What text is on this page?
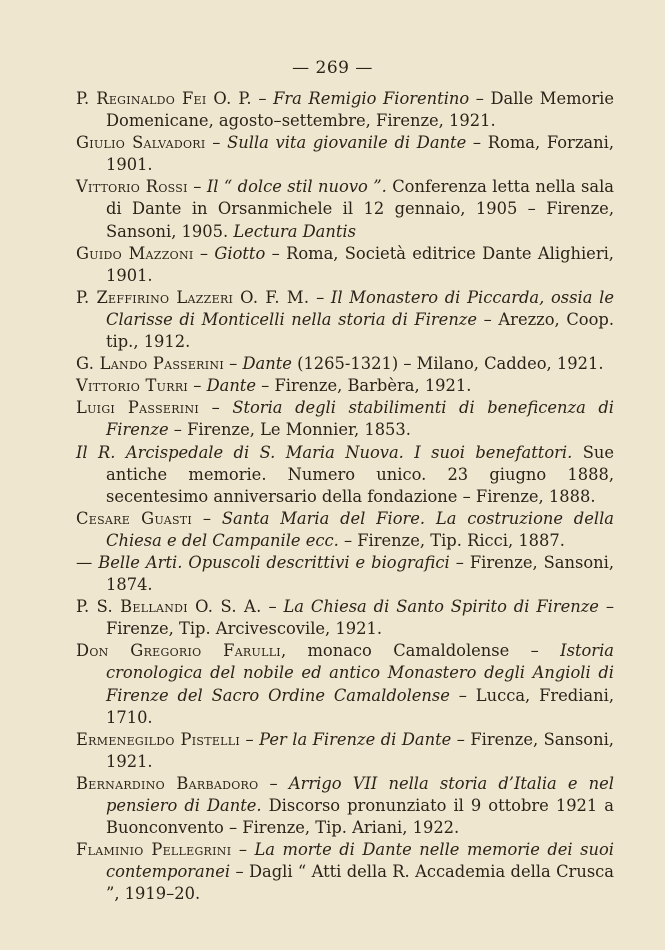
— 269 —

P. Reginaldo Fei O. P. – Fra Remigio Fiorentino – Dalle Memorie Domenicane, agosto–settembre, Firenze, 1921.

Giulio Salvadori – Sulla vita giovanile di Dante – Roma, Forzani, 1901.

Vittorio Rossi – Il “ dolce stil nuovo ”. Conferenza letta nella sala di Dante in Orsanmichele il 12 gennaio, 1905 – Firenze, Sansoni, 1905. Lectura Dantis

Guido Mazzoni – Giotto – Roma, Società editrice Dante Alighieri, 1901.

P. Zeffirino Lazzeri O. F. M. – Il Monastero di Piccarda, ossia le Clarisse di Monticelli nella storia di Firenze – Arezzo, Coop. tip., 1912.

G. Lando Passerini – Dante (1265-1321) – Milano, Caddeo, 1921.

Vittorio Turri – Dante – Firenze, Barbèra, 1921.

Luigi Passerini – Storia degli stabilimenti di beneficenza di Firenze – Firenze, Le Monnier, 1853.

Il R. Arcispedale di S. Maria Nuova. I suoi benefattori. Sue antiche memorie. Numero unico. 23 giugno 1888, secentesimo anniversario della fondazione – Firenze, 1888.

Cesare Guasti – Santa Maria del Fiore. La costruzione della Chiesa e del Campanile ecc. – Firenze, Tip. Ricci, 1887.

— Belle Arti. Opuscoli descrittivi e biografici – Firenze, Sansoni, 1874.

P. S. Bellandi O. S. A. – La Chiesa di Santo Spirito di Firenze – Firenze, Tip. Arcivescovile, 1921.

Don Gregorio Farulli, monaco Camaldolense – Istoria cronologica del nobile ed antico Monastero degli Angioli di Firenze del Sacro Ordine Camaldolense – Lucca, Frediani, 1710.

Ermenegildo Pistelli – Per la Firenze di Dante – Firenze, Sansoni, 1921.

Bernardino Barbadoro – Arrigo VII nella storia d’Italia e nel pensiero di Dante. Discorso pronunziato il 9 ottobre 1921 a Buonconvento – Firenze, Tip. Ariani, 1922.

Flaminio Pellegrini – La morte di Dante nelle memorie dei suoi contemporanei – Dagli “ Atti della R. Accademia della Crusca ”, 1919–20.
